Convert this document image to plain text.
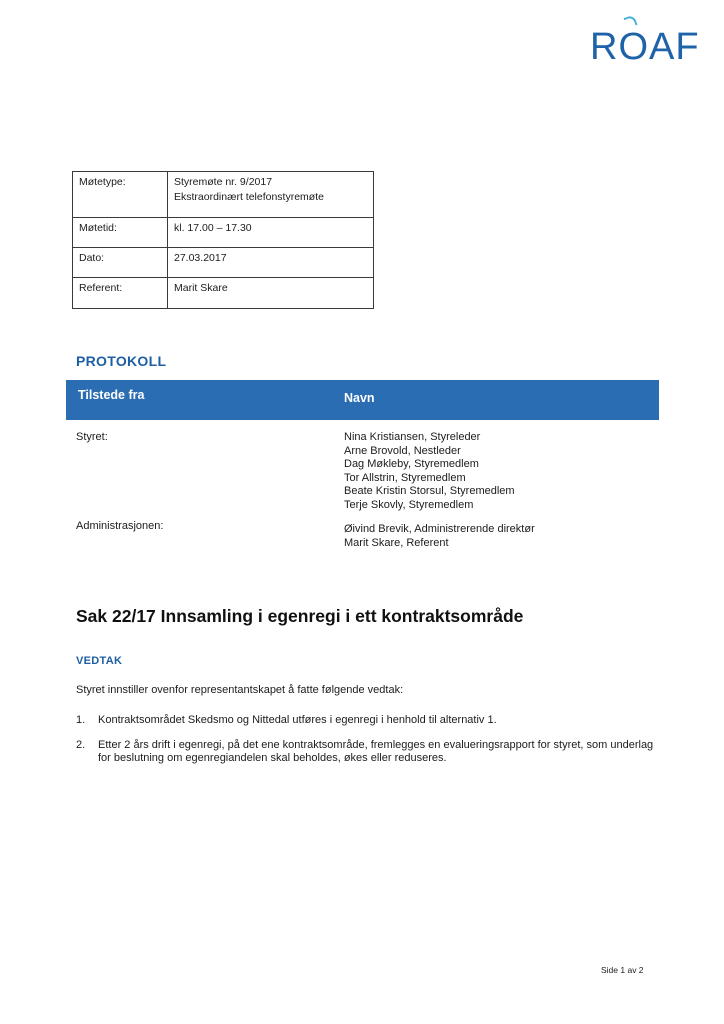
R
OAF
Møtetype:	Styremøte nr. 9/2017
Ekstraordinært telefonstyremøte

Møtetid:	kl. 17.00 – 17.30
Dato:	27.03.2017
Referent:	Marit Skare
PROTOKOLL
Tilstede fra	Navn
Styret:	Nina Kristiansen, Styreleder
Arne Brovold, Nestleder
Dag Møkleby, Styremedlem
Tor Allstrin, Styremedlem
Beate Kristin Storsul, Styremedlem
Terje Skovly, Styremedlem
Administrasjonen:	Øivind Brevik, Administrerende direktør
Marit Skare, Referent
Sak 22/17 Innsamling i egenregi i ett kontraktsområde
VEDTAK
Styret innstiller ovenfor representantskapet å fatte følgende vedtak:
1. Kontraktsområdet Skedsmo og Nittedal utføres i egenregi i henhold til alternativ 1.
2. Etter 2 års drift i egenregi, på det ene kontraktsområde, fremlegges en evalueringsrapport for styret, som underlag for beslutning om egenregiandelen skal beholdes, økes eller reduseres.
Side 1 av 2
